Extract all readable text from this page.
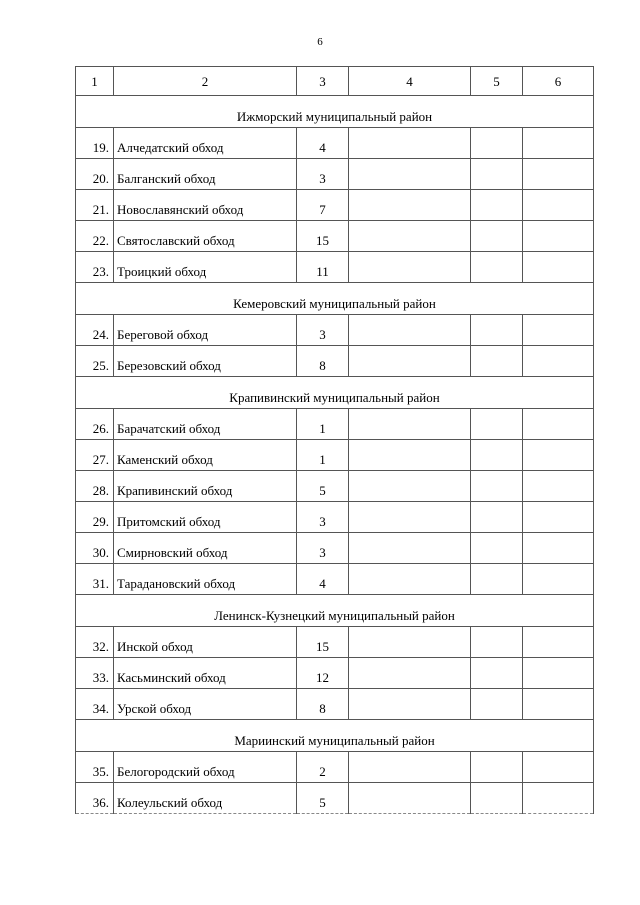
6
1	2	3	4	5	6
Ижморский муниципальный район					
19.	Алчедатский обход	4			
20.	Балганский обход	3			
21.	Новославянский обход	7			
22.	Святославский обход	15			
23.	Троицкий обход	11			
Кемеровский муниципальный район					
24.	Береговой обход	3			
25.	Березовский обход	8			
Крапивинский муниципальный район					
26.	Барачатский обход	1			
27.	Каменский обход	1			
28.	Крапивинский обход	5			
29.	Притомский обход	3			
30.	Смирновский обход	3			
31.	Тарадановский обход	4			
Ленинск-Кузнецкий муниципальный район					
32.	Инской обход	15			
33.	Касьминский обход	12			
34.	Урской обход	8			
Мариинский муниципальный район					
35.	Белогородский обход	2			
36.	Колеульский обход	5			
